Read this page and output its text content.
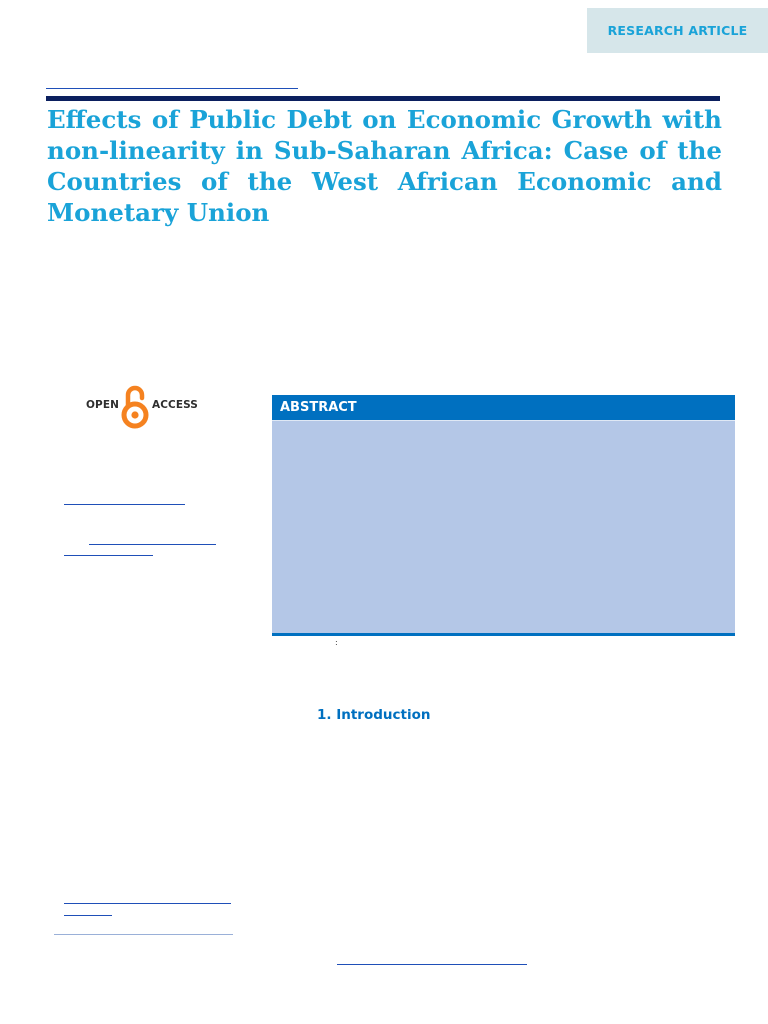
RESEARCH ARTICLE
Effects of Public Debt on Economic Growth with non-linearity in Sub-Saharan Africa: Case of the Countries of the West African Economic and Monetary Union
OPEN	ACCESS	ABSTRACT
:
1. Introduction
